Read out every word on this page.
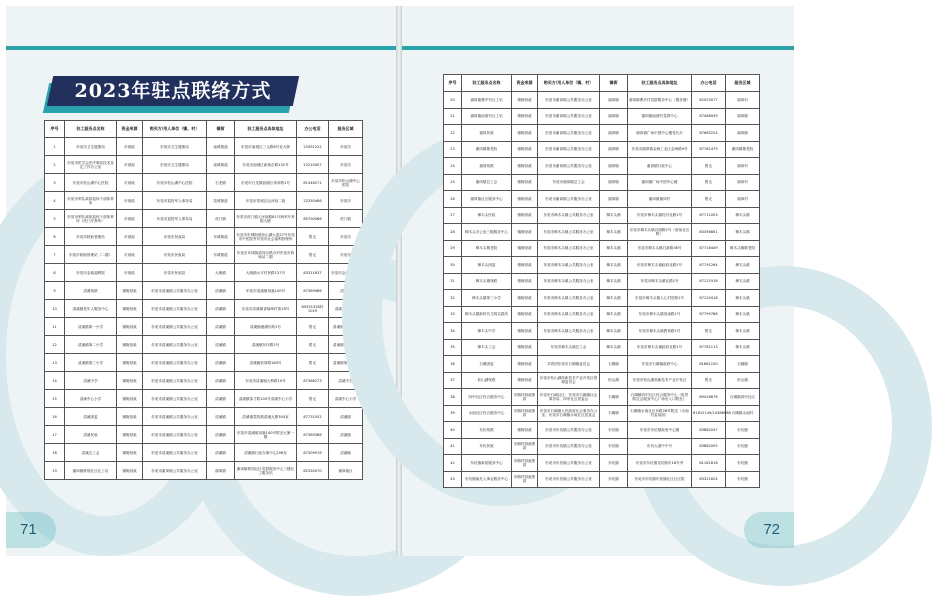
2023年驻点联络方式
序号	驻工服务点名称	资金来源	购买方/用人单位（镇、村）	镇街	驻工服务点具体地址	办公电话	服务区域
1	东莞市卫生健康局	市财政	东莞市卫生健康局	南城街道	东莞市南城区三元路8号业大厦	23391222	东莞市
2	东莞市医学会医疗事故技术鉴定工作办公室	市财政	东莞市卫生健康局	南城街道	东莞市南城区新基企路132号	22210007	东莞市
3	东莞市松山湖中心医院	市财政	东莞市松山湖中心医院	石龙镇	东莞市石龙镇西湖区体育路1号	81346271	东莞市松山湖中心医院
4	东莞市军队离休退休干部休养所	市财政	东莞市退役军人事务局	莞城街道	东莞市莞城区运河西二段	22330486	东莞市
5	东莞市军队离休退休干部休养所（虎门疗养所）	市财政	东莞市退役军人事务局	虎门镇	东莞市虎门镇人民南路81号海军疗养院大厦	85700066	虎门镇
6	东莞市救助管理站	市财政	东莞市民政局	东城街道	东莞市东城街道松山湖大道27号东莞市中医院旁东莞市社会福利管理所	暂无	东莞市
7	东莞市救助管理站（二期）	市财政	东莞市民政局	东城街道	东莞市东城街道同沙路办村东莞市救助站二期	暂无	东莞市
8	东莞市金菊福利院	市财政	东莞市民政局	大朗镇	大朗镇水平村民路137号	83311637	东莞市金菊福利院
9	清溪残联	镇街财政	东莞市清溪镇公共服务办公室	清溪镇	东莞市清溪镇凤凰100号	87369986	清溪镇
10	清溪镇老年人服务中心	镇街财政	东莞市清溪镇公共服务办公室	清溪镇	东莞市清溪镇香轴坳村第18号	89331328转1029	清溪镇敬老院
11	清溪镇第一小学	镇街财政	东莞市清溪镇公共服务办公室	清溪镇	清溪镇鹿湖东路1号	暂无	清溪镇第一小学
12	清溪镇第二小学	镇街财政	东莞市清溪镇公共服务办公室	清溪镇	清溪镇东环路2号	暂无	清溪镇第二小学
13	清溪镇第三小学	镇街财政	东莞市清溪镇公共服务办公室	清溪镇	清溪镇松岗路160号	暂无	清溪镇第三小学
14	清溪中学	镇街财政	东莞市清溪镇公共服务办公室	清溪镇	东莞市清溪镇大利路10号	87366273	清溪中学
15	清溪中心小学	镇街财政	东莞市清溪镇公共服务办公室	清溪镇	清溪镇客才路100号清溪中心小学	暂无	清溪中心小学
16	清溪团委	镇街财政	东莞市清溪镇公共服务办公室	清溪镇	清溪镇荔枝路清溪大厦304室	87731052	清溪镇
17	清溪民政	镇街财政	东莞市清溪镇公共服务办公室	清溪镇	东莞市清溪镇凤凰100号附近大厦一楼	87369368	清溪镇
18	清溪总工会	镇街财政	东莞市清溪镇公共服务办公室	清溪镇	清溪镇行政办事中心206室	87309978	清溪镇
19	谢岗镇桥园社区社工站	镇街财政	东莞市谢岗镇公共服务办公室	谢岗镇	谢岗镇桥园社区党群服务中心三楼社工服务站	82330070	谢岗辖区
71
序号	驻工服务点名称	资金来源	购买方/用人单位（镇、村）	镇街	驻工服务点具体地址	办公电话	服务区域
20	谢岗镇曹乡村社工站	镇街财政	东莞市谢岗镇公共服务办公室	谢岗镇	谢岗镇曹乡村党群服务中心（服务楼）	82023077	谢岗村
21	谢岗镇南面村社工站	镇街财政	东莞市谢岗镇公共服务办公室	谢岗镇	谢岗镇南面村党群中心	87488939	谢岗镇
22	谢岗民政	镇街财政	东莞市谢岗镇公共服务办公室	谢岗镇	谢岗镇广场中国中心楼党代办	87665224	谢岗镇
23	谢岗镇敬老院	镇街财政	东莞市谢岗镇公共服务办公室	谢岗镇	东莞市谢岗镇金海工业区金海路9号	87761479	谢岗镇敬老院
24	谢岗残联	镇街财政	东莞市谢岗镇公共服务办公室	谢岗镇	谢岗镇行政中心	暂无	谢岗村
25	谢岗镇总工会	镇街财政	东莞市谢岗镇总工会	谢岗镇	谢岗镇广场中国中心楼	暂无	谢岗村
26	谢岗镇社区服务中心	镇街财政	东莞市谢岗镇公共服务办公室	谢岗镇	谢岗镇谢岗村	暂无	谢岗村
27	樟木头民政	镇街财政	东莞市樟木头镇公共服务办公室	樟木头镇	东莞市樟木头镇旺村北路1号	87711003	樟木头镇
28	樟木头办公室三级服务中心	镇街财政	东莞市樟木头镇公共服务办公室	樟木头镇	东莞市樟木头镇百丽路2号（府前社区附）	83356801	樟木头镇
29	樟木头敬老院	镇街财政	东莞市樟木头镇公共服务办公室	樟木头镇	东莞市樟木头镇石新路36号	87716449	樟木头镇敬老院
30	樟木头团委	镇街财政	东莞市樟木头镇公共服务办公室	樟木头镇	东莞市樟木头镇政府北路1号	87791264	樟木头镇
31	樟木头镇残联	镇街财政	东莞市樟木头镇公共服务办公室	樟木头镇	东莞市樟木头镇北路1号	87121918	樟木头镇
32	樟木头镇第三小学	镇街财政	东莞市樟木头镇公共服务办公室	樟木头镇	东莞市樟木头镇人心村旧路1号	87129418	樟木头镇
33	樟木头镇新时代文明实践所	镇街财政	东莞市樟木头镇公共服务办公室	樟木头镇	东莞市樟木头镇莞南路1号	87799768	樟木头镇
34	樟木头中学	镇街财政	东莞市樟木头镇公共服务办公室	樟木头镇	东莞市樟木头镇教育路1号	暂无	樟木头镇
35	樟木头工会	镇街财政	东莞市樟木头镇总工会	樟木头镇	东莞市樟木头镇政府北路1号	87781113	樟木头镇
36	石碣团委	镇街财政	共青团东莞市石碣镇委员会	石碣镇	东莞市石碣镇政府中心	81861150	石碣镇
37	松山湖残联	镇街财政	东莞市松山湖高新技术产业开发区管理委员会	松山湖	东莞市松山湖高新技术产业开发区	暂无	松山湖
38	四甲社区综合服务中心	市镇村财政拨款	东莞市石碣社区、东莞市石碣镇社会事务局、四甲社区居委会	石碣镇	石碣镇四甲社区综合服务中心（电景路社会服务中心广场出入口附近）	89416676	石碣镇四甲社区
39	水南社区综合服务中心	市镇村财政拨款	东莞市石碣镇人民政府社会事务办公室、东莞市石碣镇水南社区居委会	石碣镇	石碣镇水南社区东路28号附近（水南村委前面）	81812149/14386986	石碣镇水南村
40	东坑残联	镇街财政	东莞市东坑镇公共服务办公室	东坑镇	东莞市东坑镇政府中心楼	83862047	东坑镇
41	东坑民政	市镇村财政拨款	东莞市东坑镇公共服务办公室	东坑镇	东坑大道中中号	83862005	东坑镇
42	东坑镇新星服务中心	市镇村财政拨款	东莞市东坑镇公共服务办公室	东坑镇	东莞市东坑镇龙坑路东18号旁	81181816	东坑镇
43	东坑镇换先人事业服务中心	市镇村财政拨款	东莞市东坑镇公共服务办公室	东坑镇	东莞市东坑镇东莞镇社区社区院	83321624	东坑镇
72
